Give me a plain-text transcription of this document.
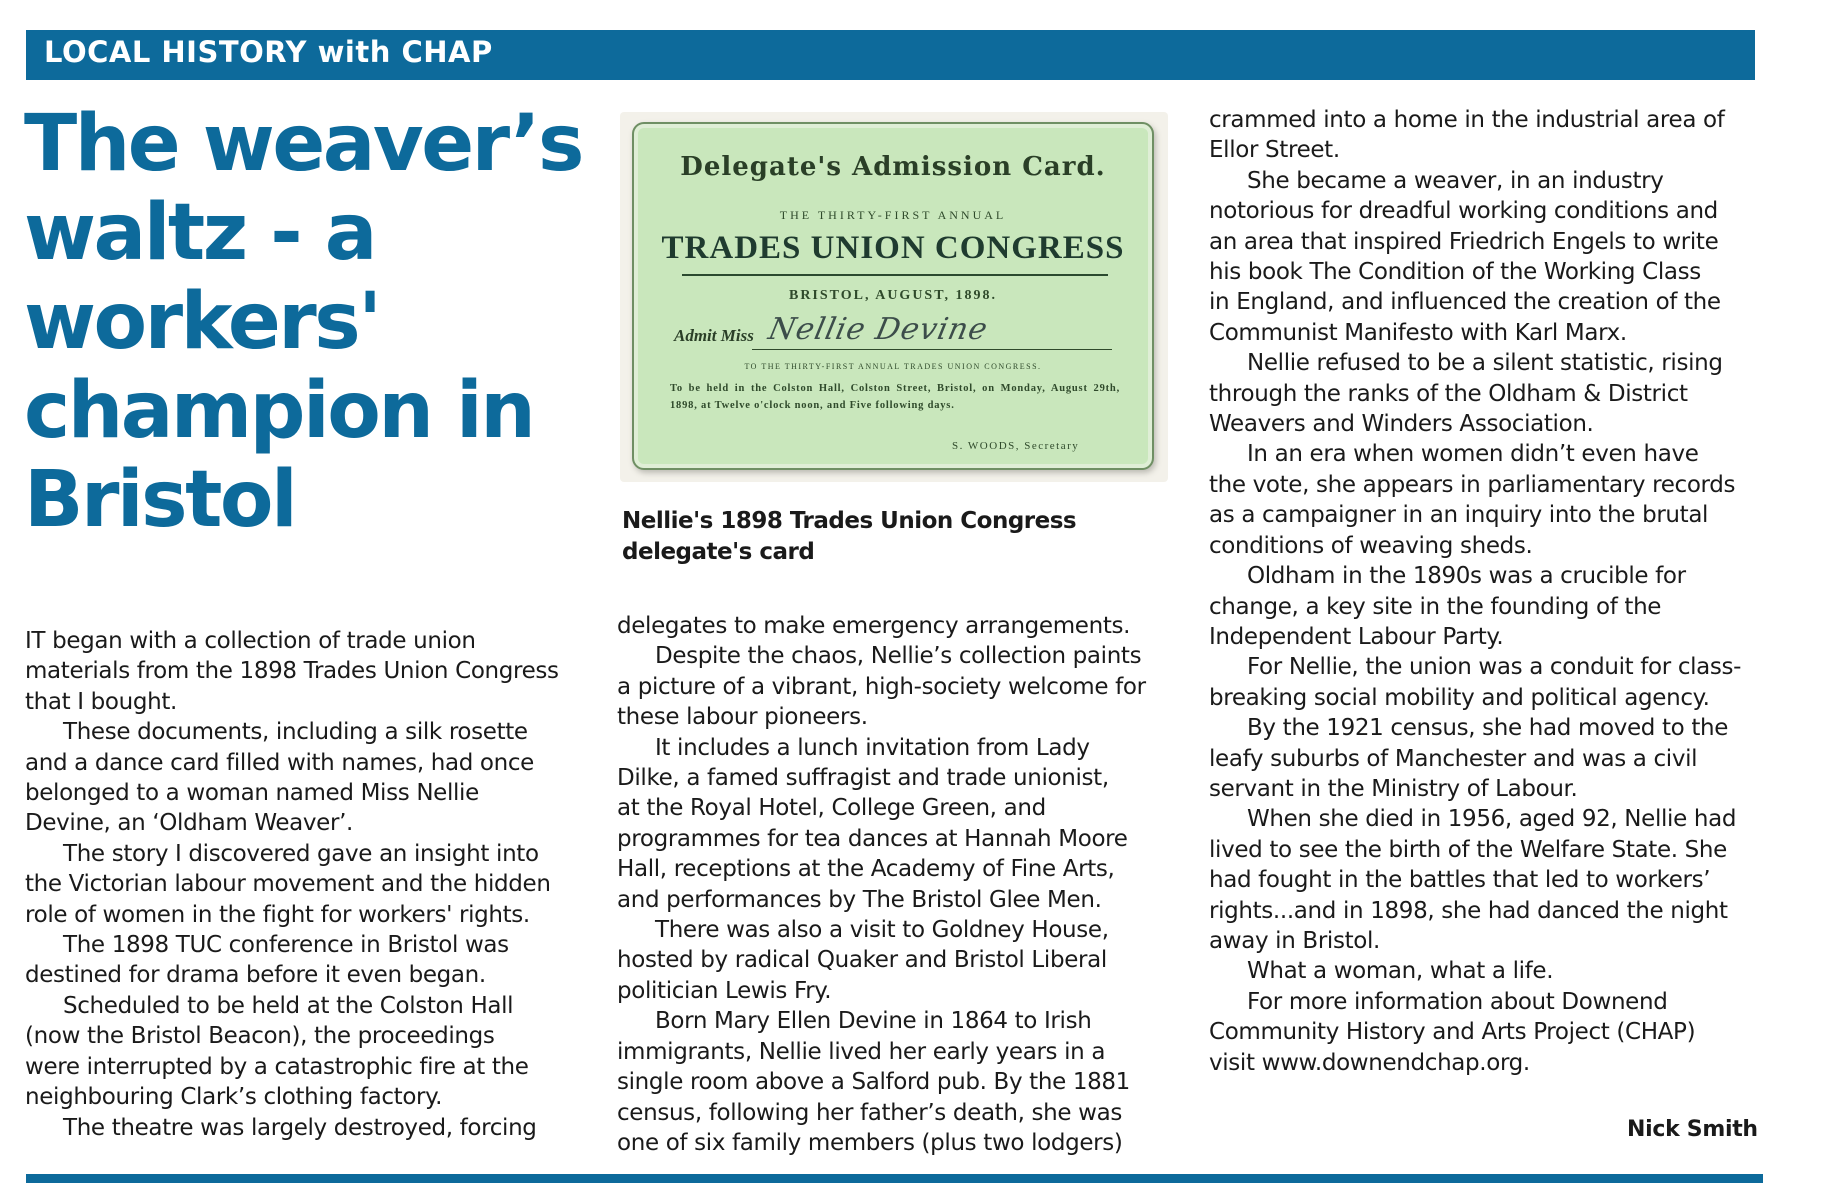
LOCAL HISTORY with CHAP
The weaver’s
waltz - a
workers'
champion in
Bristol
Delegate's Admission Card.
THE THIRTY-FIRST ANNUAL
TRADES UNION CONGRESS
BRISTOL, AUGUST, 1898.
Admit Miss Nellie Devine
TO THE THIRTY-FIRST ANNUAL TRADES UNION CONGRESS.
To be held in the Colston Hall, Colston Street, Bristol, on Monday, August 29th, 1898, at Twelve o'clock noon, and Five following days.
S. WOODS, Secretary
Nellie's 1898 Trades Union Congress
delegate's card

IT began with a collection of trade union
materials from the 1898 Trades Union Congress
that I bought.

These documents, including a silk rosette
and a dance card filled with names, had once
belonged to a woman named Miss Nellie
Devine, an ‘Oldham Weaver’.

The story I discovered gave an insight into
the Victorian labour movement and the hidden
role of women in the fight for workers' rights.

The 1898 TUC conference in Bristol was
destined for drama before it even began.

Scheduled to be held at the Colston Hall
(now the Bristol Beacon), the proceedings
were interrupted by a catastrophic fire at the
neighbouring Clark’s clothing factory.

The theatre was largely destroyed, forcing

delegates to make emergency arrangements.

Despite the chaos, Nellie’s collection paints
a picture of a vibrant, high-society welcome for
these labour pioneers.

It includes a lunch invitation from Lady
Dilke, a famed suffragist and trade unionist,
at the Royal Hotel, College Green, and
programmes for tea dances at Hannah Moore
Hall, receptions at the Academy of Fine Arts,
and performances by The Bristol Glee Men.

There was also a visit to Goldney House,
hosted by radical Quaker and Bristol Liberal
politician Lewis Fry.

Born Mary Ellen Devine in 1864 to Irish
immigrants, Nellie lived her early years in a
single room above a Salford pub. By the 1881
census, following her father’s death, she was
one of six family members (plus two lodgers)

crammed into a home in the industrial area of
Ellor Street.

She became a weaver, in an industry
notorious for dreadful working conditions and
an area that inspired Friedrich Engels to write
his book The Condition of the Working Class
in England, and influenced the creation of the
Communist Manifesto with Karl Marx.

Nellie refused to be a silent statistic, rising
through the ranks of the Oldham & District
Weavers and Winders Association.

In an era when women didn’t even have
the vote, she appears in parliamentary records
as a campaigner in an inquiry into the brutal
conditions of weaving sheds.

Oldham in the 1890s was a crucible for
change, a key site in the founding of the
Independent Labour Party.

For Nellie, the union was a conduit for class-
breaking social mobility and political agency.

By the 1921 census, she had moved to the
leafy suburbs of Manchester and was a civil
servant in the Ministry of Labour.

When she died in 1956, aged 92, Nellie had
lived to see the birth of the Welfare State. She
had fought in the battles that led to workers’
rights...and in 1898, she had danced the night
away in Bristol.

What a woman, what a life.

For more information about Downend
Community History and Arts Project (CHAP)
visit www.downendchap.org.

Nick Smith
